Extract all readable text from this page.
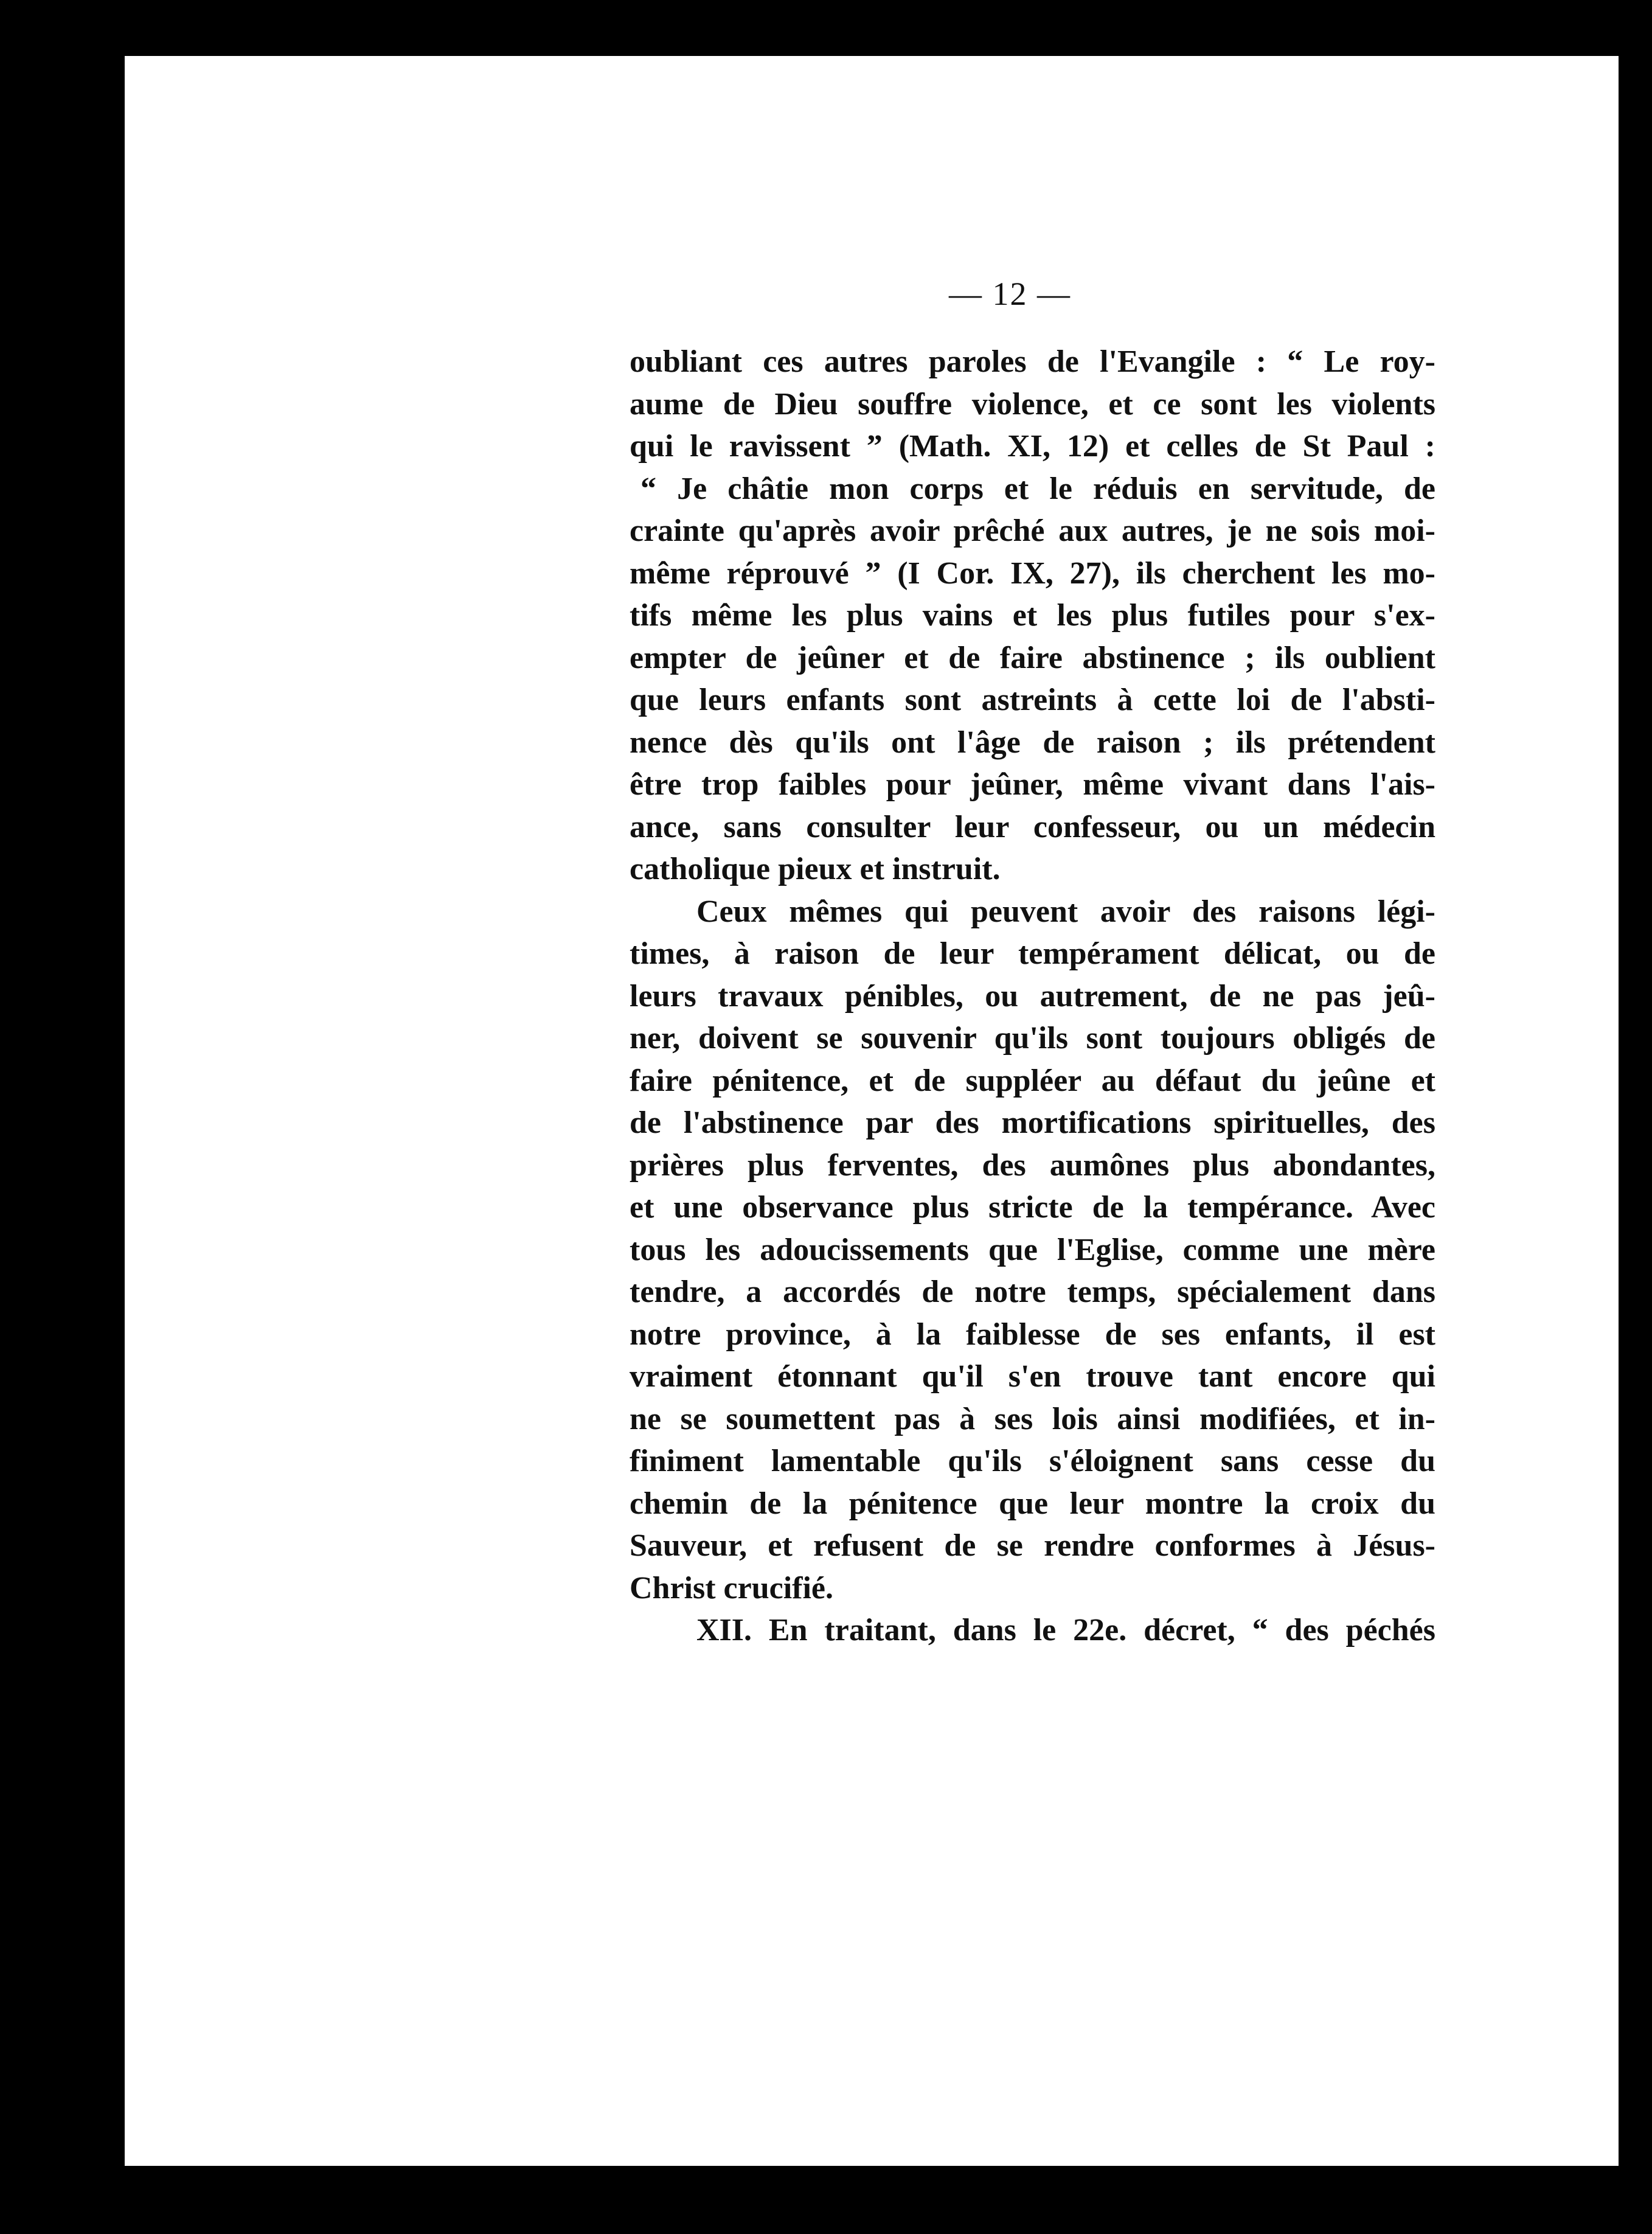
— 12 —
oubliant ces autres paroles de l'Evangile : “ Le roy-
aume de Dieu souffre violence, et ce sont les violents
qui le ravissent ” (Math. XI, 12) et celles de St Paul :
“ Je châtie mon corps et le réduis en servitude, de
crainte qu'après avoir prêché aux autres, je ne sois moi-
même réprouvé ” (I Cor. IX, 27), ils cherchent les mo-
tifs même les plus vains et les plus futiles pour s'ex-
empter de jeûner et de faire abstinence ; ils oublient
que leurs enfants sont astreints à cette loi de l'absti-
nence dès qu'ils ont l'âge de raison ; ils prétendent
être trop faibles pour jeûner, même vivant dans l'ais-
ance, sans consulter leur confesseur, ou un médecin
catholique pieux et instruit.
Ceux mêmes qui peuvent avoir des raisons légi-
times, à raison de leur tempérament délicat, ou de
leurs travaux pénibles, ou autrement, de ne pas jeû-
ner, doivent se souvenir qu'ils sont toujours obligés de
faire pénitence, et de suppléer au défaut du jeûne et
de l'abstinence par des mortifications spirituelles, des
prières plus ferventes, des aumônes plus abondantes,
et une observance plus stricte de la tempérance. Avec
tous les adoucissements que l'Eglise, comme une mère
tendre, a accordés de notre temps, spécialement dans
notre province, à la faiblesse de ses enfants, il est
vraiment étonnant qu'il s'en trouve tant encore qui
ne se soumettent pas à ses lois ainsi modifiées, et in-
finiment lamentable qu'ils s'éloignent sans cesse du
chemin de la pénitence que leur montre la croix du
Sauveur, et refusent de se rendre conformes à Jésus-
Christ crucifié.
XII. En traitant, dans le 22e. décret, “ des péchés
